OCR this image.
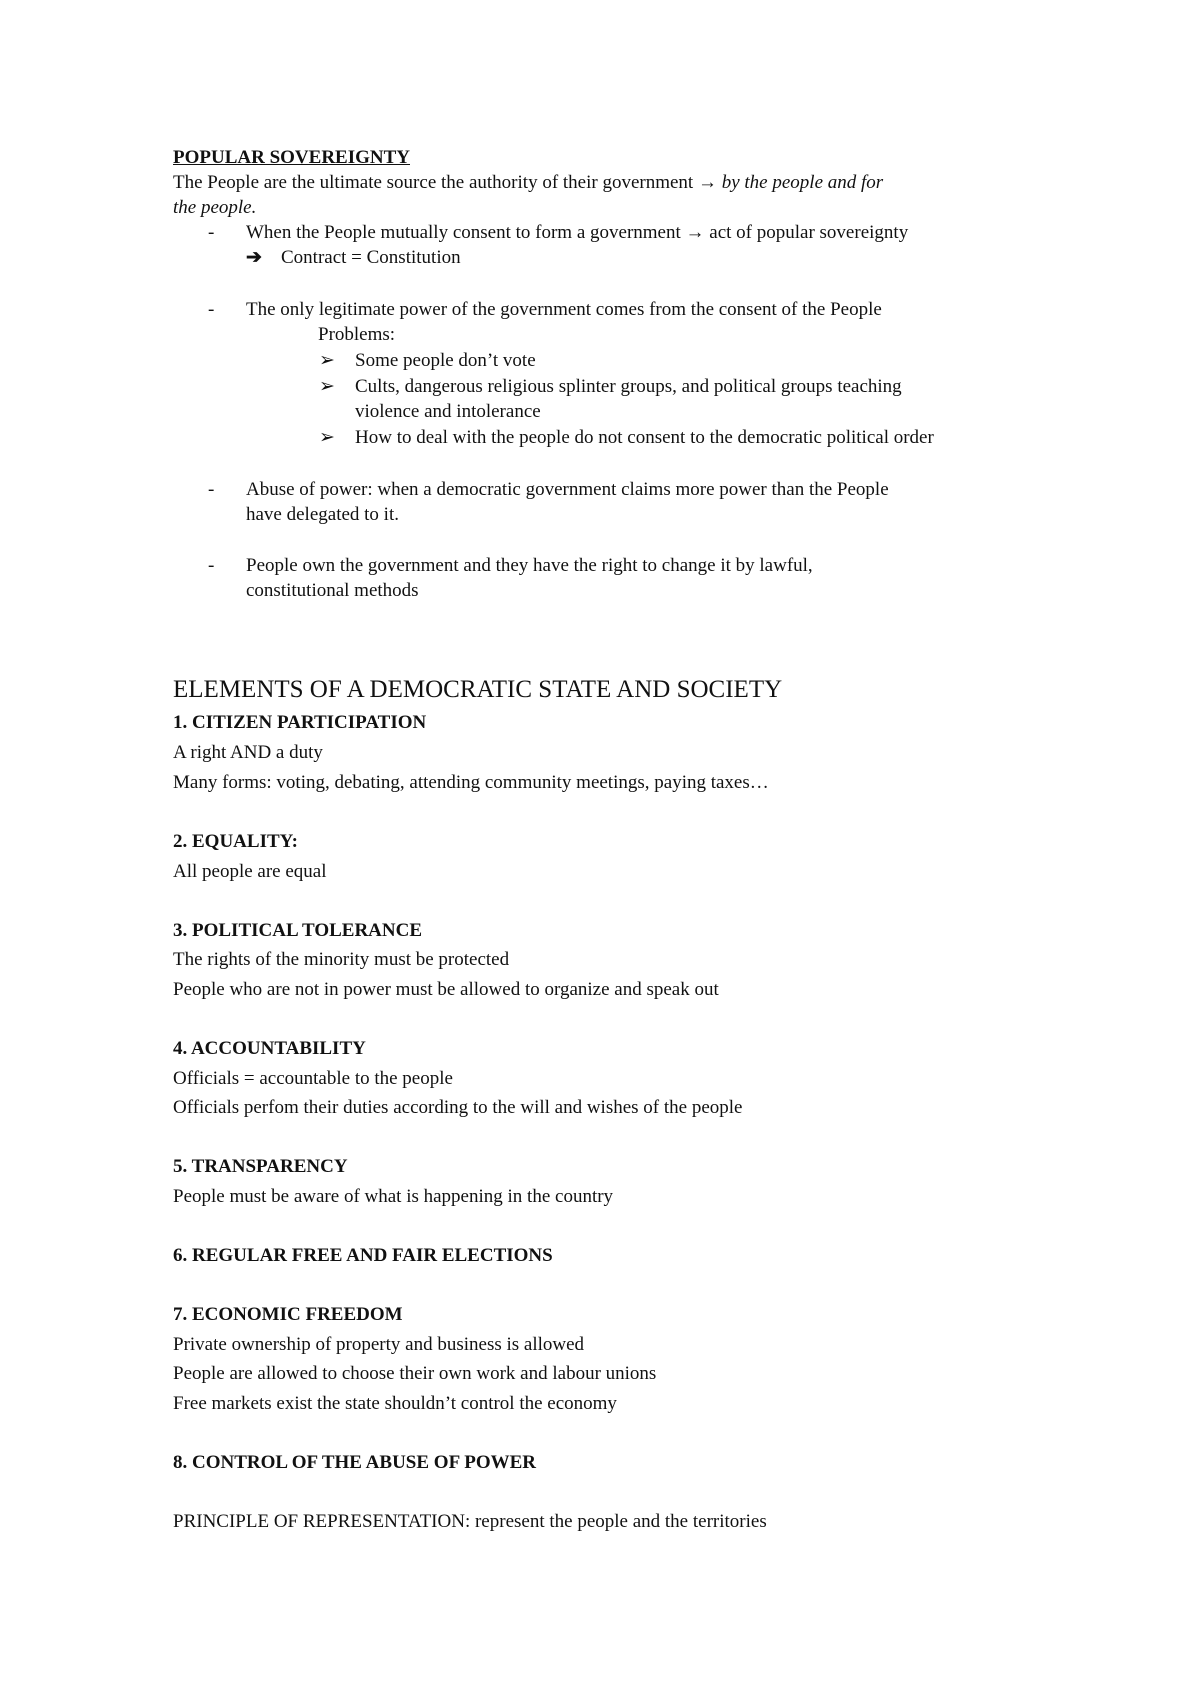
POPULAR SOVEREIGNTY
The People are the ultimate source the authority of their government → by the people and for
the people.
- When the People mutually consent to form a government → act of popular sovereignty
➔ Contract = Constitution
- The only legitimate power of the government comes from the consent of the People
Problems:
➢ Some people don’t vote
➢ Cults, dangerous religious splinter groups, and political groups teaching
violence and intolerance
➢ How to deal with the people do not consent to the democratic political order
- Abuse of power: when a democratic government claims more power than the People
have delegated to it.
- People own the government and they have the right to change it by lawful,
constitutional methods
ELEMENTS OF A DEMOCRATIC STATE AND SOCIETY
1. CITIZEN PARTICIPATION
A right AND a duty
Many forms: voting, debating, attending community meetings, paying taxes…
2. EQUALITY:
All people are equal
3. POLITICAL TOLERANCE
The rights of the minority must be protected
People who are not in power must be allowed to organize and speak out
4. ACCOUNTABILITY
Officials = accountable to the people
Officials perfom their duties according to the will and wishes of the people
5. TRANSPARENCY
People must be aware of what is happening in the country
6. REGULAR FREE AND FAIR ELECTIONS
7. ECONOMIC FREEDOM
Private ownership of property and business is allowed
People are allowed to choose their own work and labour unions
Free markets exist the state shouldn’t control the economy
8. CONTROL OF THE ABUSE OF POWER
PRINCIPLE OF REPRESENTATION: represent the people and the territories
